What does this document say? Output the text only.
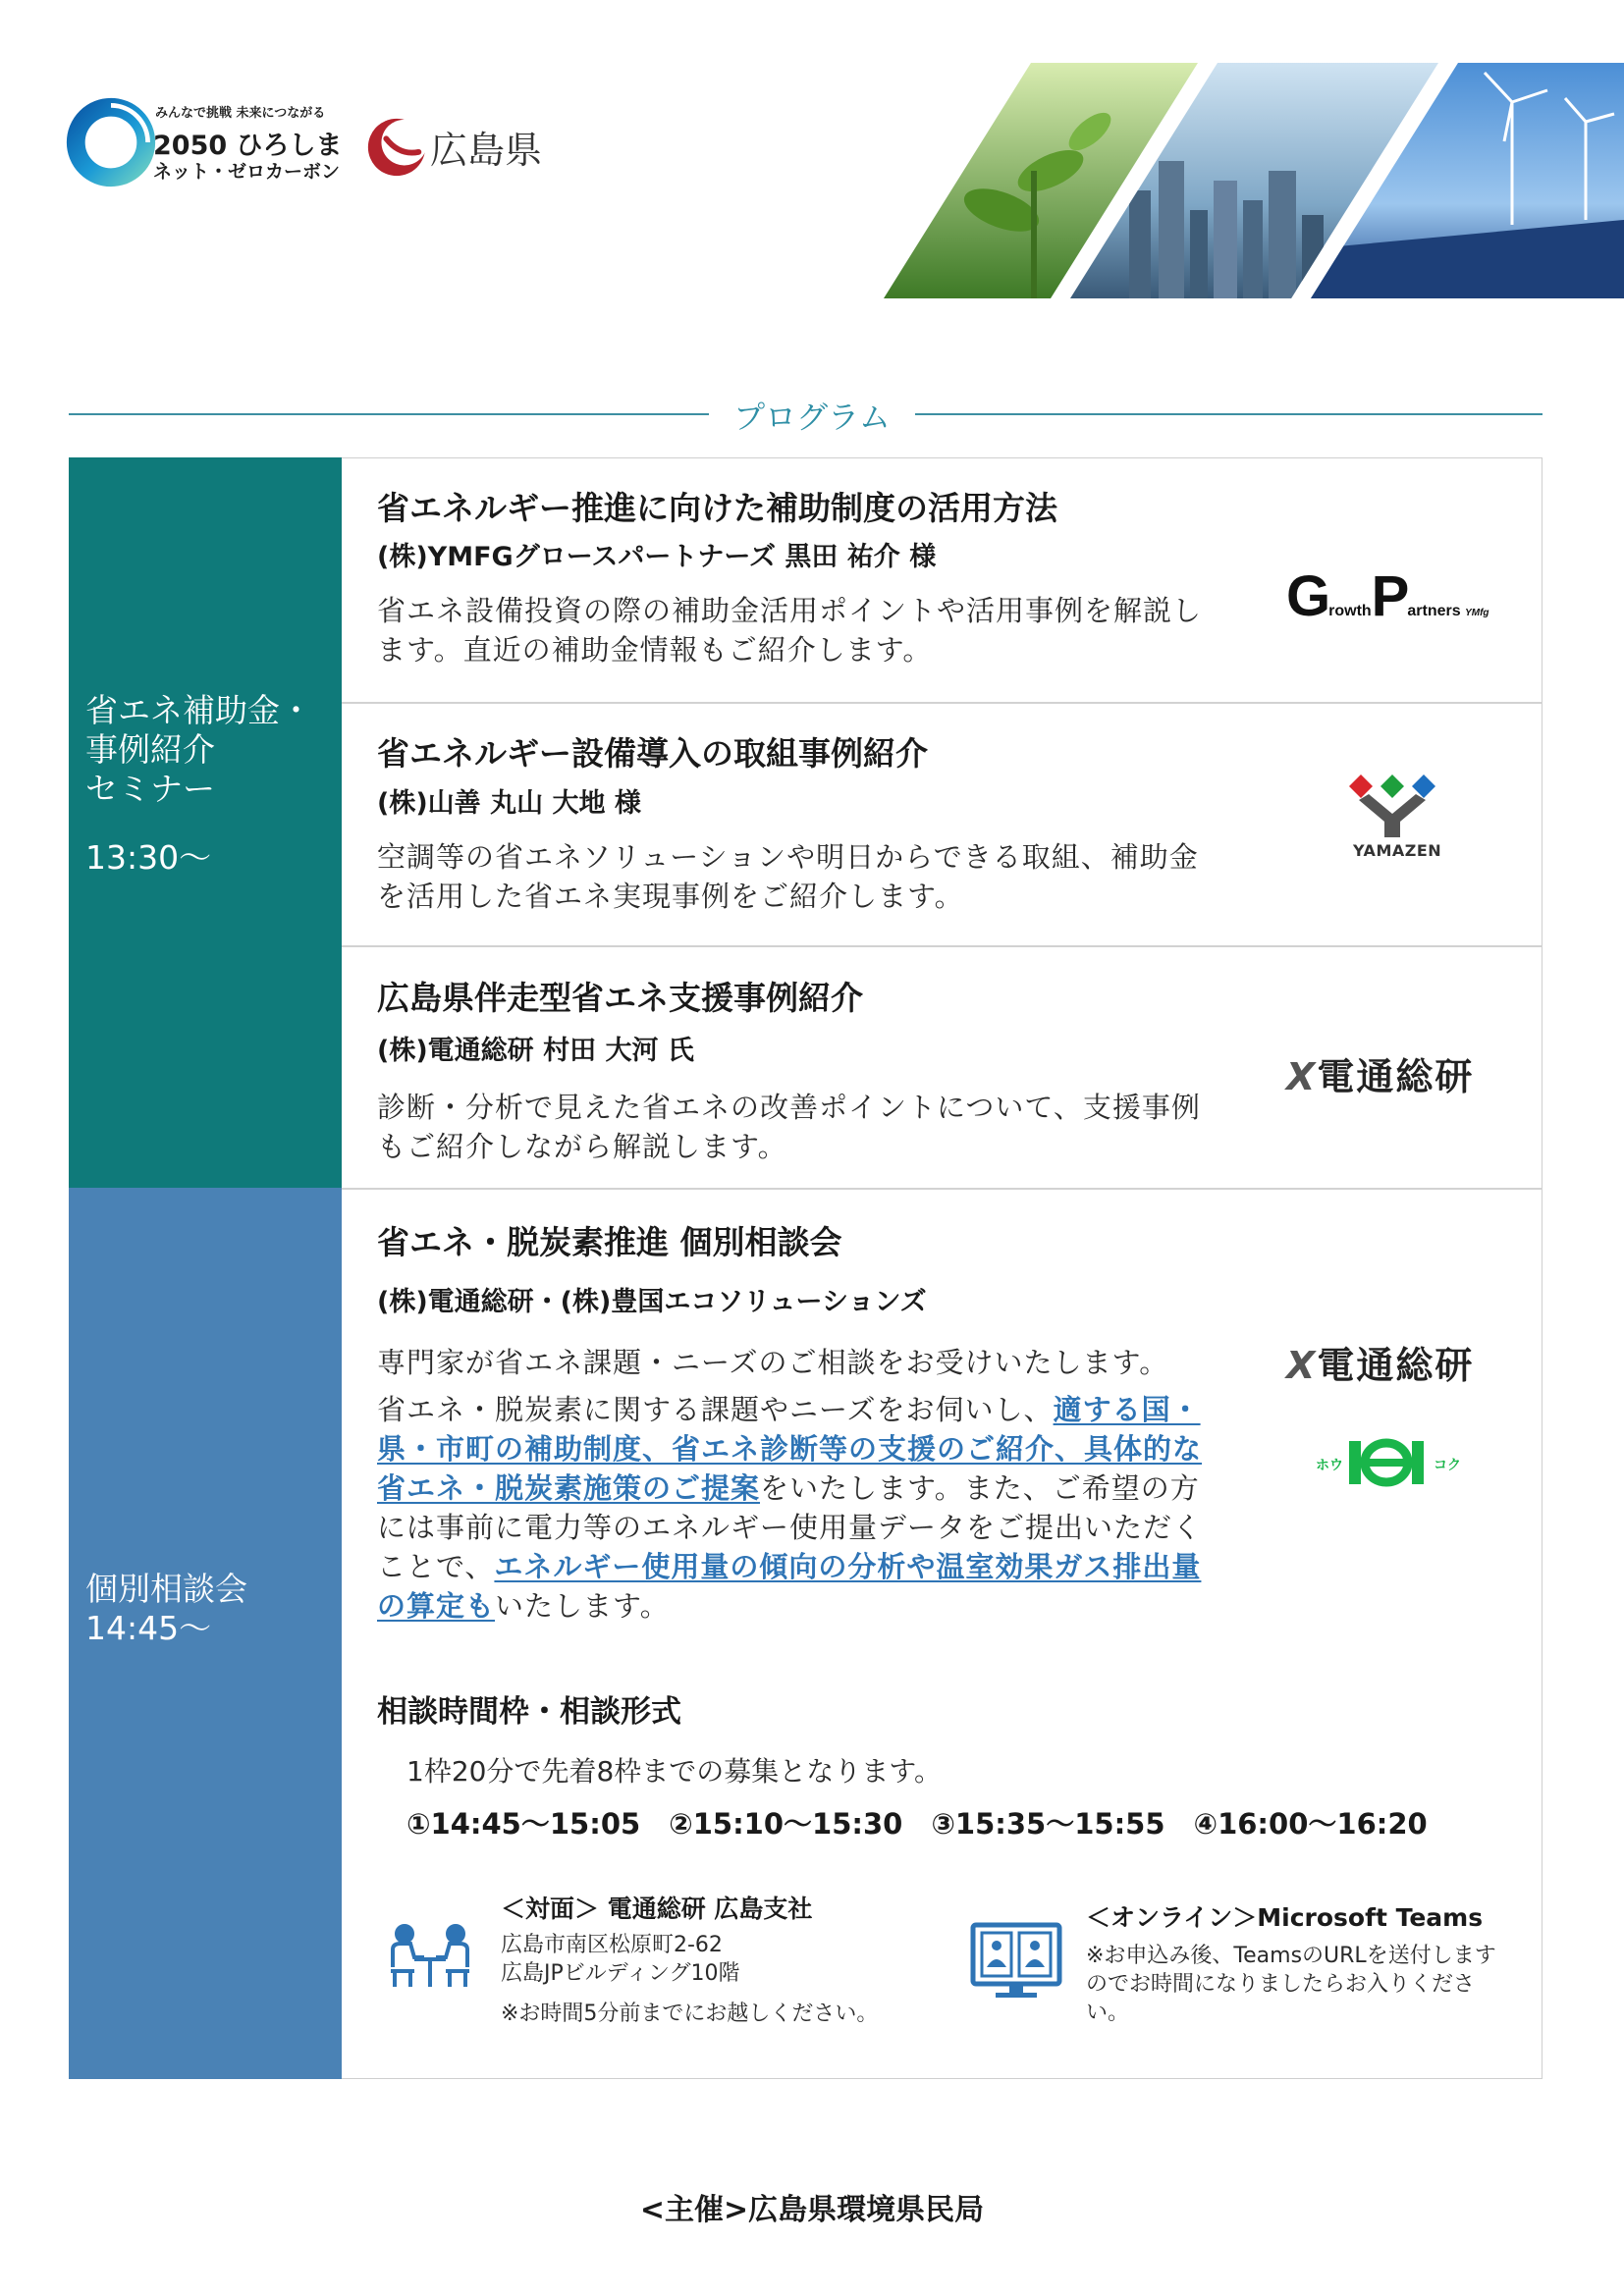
みんなで挑戦 未来につながる
2050 ひろしま
ネット・ゼロカーボン 広島県
プログラム
省エネ補助金・
事例紹介
セミナー
13:30〜
個別相談会
14:45〜
省エネルギー推進に向けた補助制度の活用方法
(株)YMFGグロースパートナーズ 黒田 祐介 様
省エネ設備投資の際の補助金活用ポイントや活用事例を解説します。直近の補助金情報もご紹介します。
GrowthPartners YMfg
省エネルギー設備導入の取組事例紹介
(株)山善 丸山 大地 様
空調等の省エネソリューションや明日からできる取組、補助金を活用した省エネ実現事例をご紹介します。
YAMAZEN
広島県伴走型省エネ支援事例紹介
(株)電通総研 村田 大河 氏
診断・分析で見えた省エネの改善ポイントについて、支援事例もご紹介しながら解説します。
X電通総研
省エネ・脱炭素推進 個別相談会
(株)電通総研・(株)豊国エコソリューションズ
専門家が省エネ課題・ニーズのご相談をお受けいたします。
省エネ・脱炭素に関する課題やニーズをお伺いし、適する国・県・市町の補助制度、省エネ診断等の支援のご紹介、具体的な省エネ・脱炭素施策のご提案をいたします。また、ご希望の方には事前に電力等のエネルギー使用量データをご提出いただくことで、エネルギー使用量の傾向の分析や温室効果ガス排出量の算定もいたします。
X電通総研
ホウ	コク
相談時間枠・相談形式
1枠20分で先着8枠までの募集となります。
①14:45〜15:05　②15:10〜15:30　③15:35〜15:55　④16:00〜16:20
＜対面＞ 電通総研 広島支社
広島市南区松原町2-62
広島JPビルディング10階
※お時間5分前までにお越しください。
＜オンライン＞Microsoft Teams
※お申込み後、TeamsのURLを送付しますのでお時間になりましたらお入りください。
<主催>広島県環境県民局
